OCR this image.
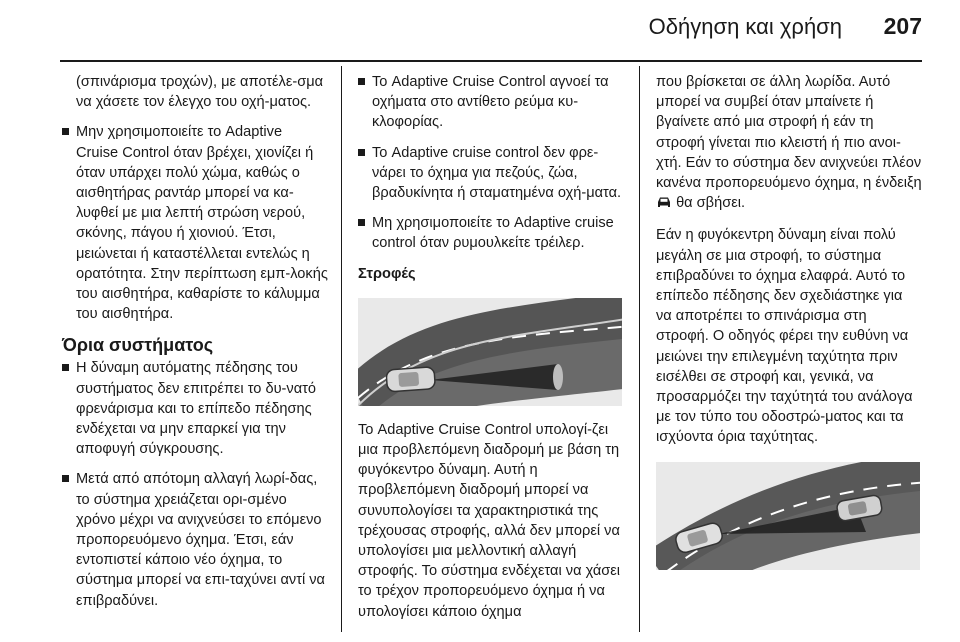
Οδήγηση και χρήση 207
(σπινάρισμα τροχών), με αποτέλε-σμα να χάσετε τον έλεγχο του οχή-ματος.
Μην χρησιμοποιείτε το Adaptive Cruise Control όταν βρέχει, χιονίζει ή όταν υπάρχει πολύ χώμα, καθώς ο αισθητήρας ραντάρ μπορεί να κα-λυφθεί με μια λεπτή στρώση νερού, σκόνης, πάγου ή χιονιού. Έτσι, μειώνεται ή καταστέλλεται εντελώς η ορατότητα. Στην περίπτωση εμπ-λοκής του αισθητήρα, καθαρίστε το κάλυμμα του αισθητήρα.
Όρια συστήματος
Η δύναμη αυτόματης πέδησης του συστήματος δεν επιτρέπει το δυ-νατό φρενάρισμα και το επίπεδο πέδησης ενδέχεται να μην επαρκεί για την αποφυγή σύγκρουσης.
Μετά από απότομη αλλαγή λωρί-δας, το σύστημα χρειάζεται ορι-σμένο χρόνο μέχρι να ανιχνεύσει το επόμενο προπορευόμενο όχημα. Έτσι, εάν εντοπιστεί κάποιο νέο όχημα, το σύστημα μπορεί να επι-ταχύνει αντί να επιβραδύνει.
Το Adaptive Cruise Control αγνοεί τα οχήματα στο αντίθετο ρεύμα κυ-κλοφορίας.
Το Adaptive cruise control δεν φρε-νάρει το όχημα για πεζούς, ζώα, βραδυκίνητα ή σταματημένα οχή-ματα.
Μη χρησιμοποιείτε το Adaptive cruise control όταν ρυμουλκείτε τρέιλερ.
Στροφές
Το Adaptive Cruise Control υπολογί-ζει μια προβλεπόμενη διαδρομή με βάση τη φυγόκεντρο δύναμη. Αυτή η προβλεπόμενη διαδρομή μπορεί να συνυπολογίσει τα χαρακτηριστικά της τρέχουσας στροφής, αλλά δεν μπορεί να υπολογίσει μια μελλοντική αλλαγή στροφής. Το σύστημα ενδέχεται να χάσει το τρέχον προπορευόμενο όχημα ή να υπολογίσει κάποιο όχημα

που βρίσκεται σε άλλη λωρίδα. Αυτό μπορεί να συμβεί όταν μπαίνετε ή βγαίνετε από μια στροφή ή εάν τη στροφή γίνεται πιο κλειστή ή πιο ανοι-χτή. Εάν το σύστημα δεν ανιχνεύει πλέον κανένα προπορευόμενο όχημα, η ένδειξη  θα σβήσει.

Εάν η φυγόκεντρη δύναμη είναι πολύ μεγάλη σε μια στροφή, το σύστημα επιβραδύνει το όχημα ελαφρά. Αυτό το επίπεδο πέδησης δεν σχεδιάστηκε για να αποτρέπει το σπινάρισμα στη στροφή. Ο οδηγός φέρει την ευθύνη να μειώνει την επιλεγμένη ταχύτητα πριν εισέλθει σε στροφή και, γενικά, να προσαρμόζει την ταχύτητά του ανάλογα με τον τύπο του οδοστρώ-ματος και τα ισχύοντα όρια ταχύτητας.
